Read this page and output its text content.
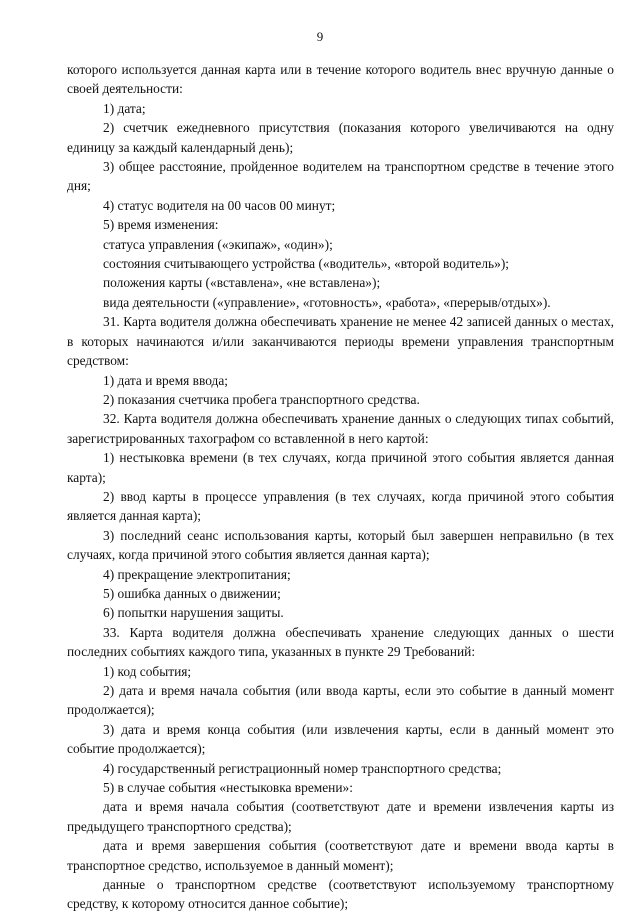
9

которого используется данная карта или в течение которого водитель внес вручную данные о своей деятельности:

1) дата;

2) счетчик ежедневного присутствия (показания которого увеличиваются на одну единицу за каждый календарный день);

3) общее расстояние, пройденное водителем на транспортном средстве в течение этого дня;

4) статус водителя на 00 часов 00 минут;

5) время изменения:

статуса управления («экипаж», «один»);

состояния считывающего устройства («водитель», «второй водитель»);

положения карты («вставлена», «не вставлена»);

вида деятельности («управление», «готовность», «работа», «перерыв/отдых»).

31. Карта водителя должна обеспечивать хранение не менее 42 записей данных о местах, в которых начинаются и/или заканчиваются периоды времени управления транспортным средством:

1) дата и время ввода;

2) показания счетчика пробега транспортного средства.

32. Карта водителя должна обеспечивать хранение данных о следующих типах событий, зарегистрированных тахографом со вставленной в него картой:

1) нестыковка времени (в тех случаях, когда причиной этого события является данная карта);

2) ввод карты в процессе управления (в тех случаях, когда причиной этого события является данная карта);

3) последний сеанс использования карты, который был завершен неправильно (в тех случаях, когда причиной этого события является данная карта);

4) прекращение электропитания;

5) ошибка данных о движении;

6) попытки нарушения защиты.

33. Карта водителя должна обеспечивать хранение следующих данных о шести последних событиях каждого типа, указанных в пункте 29 Требований:

1) код события;

2) дата и время начала события (или ввода карты, если это событие в данный момент продолжается);

3) дата и время конца события (или извлечения карты, если в данный момент это событие продолжается);

4) государственный регистрационный номер транспортного средства;

5) в случае события «нестыковка времени»:

дата и время начала события (соответствуют дате и времени извлечения карты из предыдущего транспортного средства);

дата и время завершения события (соответствуют дате и времени ввода карты в транспортное средство, используемое в данный момент);

данные о транспортном средстве (соответствуют используемому транспортному средству, к которому относится данное событие);
